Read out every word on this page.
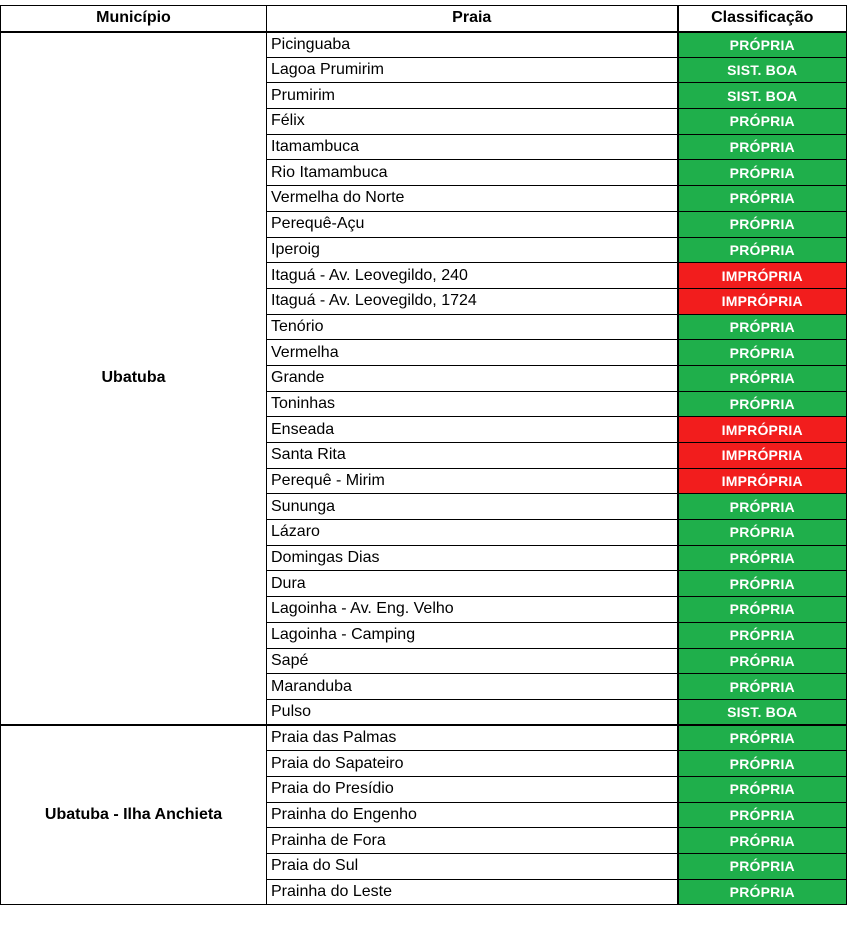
Município	Praia	Classificação
Ubatuba	Picinguaba	PRÓPRIA
	Lagoa Prumirim	SIST. BOA
	Prumirim	SIST. BOA
	Félix	PRÓPRIA
	Itamambuca	PRÓPRIA
	Rio Itamambuca	PRÓPRIA
	Vermelha do Norte	PRÓPRIA
	Perequê-Açu	PRÓPRIA
	Iperoig	PRÓPRIA
	Itaguá - Av. Leovegildo, 240	IMPRÓPRIA
	Itaguá - Av. Leovegildo, 1724	IMPRÓPRIA
	Tenório	PRÓPRIA
	Vermelha	PRÓPRIA
	Grande	PRÓPRIA
	Toninhas	PRÓPRIA
	Enseada	IMPRÓPRIA
	Santa Rita	IMPRÓPRIA
	Perequê - Mirim	IMPRÓPRIA
	Sununga	PRÓPRIA
	Lázaro	PRÓPRIA
	Domingas Dias	PRÓPRIA
	Dura	PRÓPRIA
	Lagoinha - Av. Eng. Velho	PRÓPRIA
	Lagoinha - Camping	PRÓPRIA
	Sapé	PRÓPRIA
	Maranduba	PRÓPRIA
	Pulso	SIST. BOA
Ubatuba - Ilha Anchieta	Praia das Palmas	PRÓPRIA
	Praia do Sapateiro	PRÓPRIA
	Praia do Presídio	PRÓPRIA
	Prainha do Engenho	PRÓPRIA
	Prainha de Fora	PRÓPRIA
	Praia do Sul	PRÓPRIA
	Prainha do Leste	PRÓPRIA
